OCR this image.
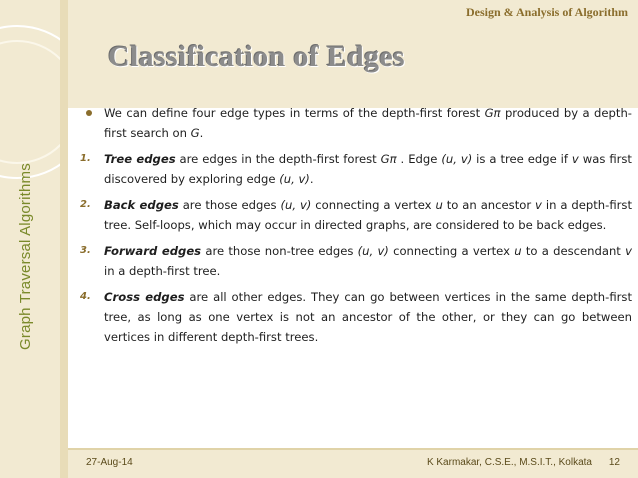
Graph Traversal Algorithms
Design & Analysis of Algorithm
Classification of Edges
We can define four edge types in terms of the depth-first forest Gπ produced by a depth-first search on G.
1. Tree edges are edges in the depth-first forest Gπ . Edge (u, v) is a tree edge if v was first discovered by exploring edge (u, v).
2. Back edges are those edges (u, v) connecting a vertex u to an ancestor v in a depth-first tree. Self-loops, which may occur in directed graphs, are considered to be back edges.
3. Forward edges are those non-tree edges (u, v) connecting a vertex u to a descendant v in a depth-first tree.
4. Cross edges are all other edges. They can go between vertices in the same depth-first tree, as long as one vertex is not an ancestor of the other, or they can go between vertices in different depth-first trees.
27-Aug-14	K Karmakar, C.S.E., M.S.I.T., Kolkata 12
